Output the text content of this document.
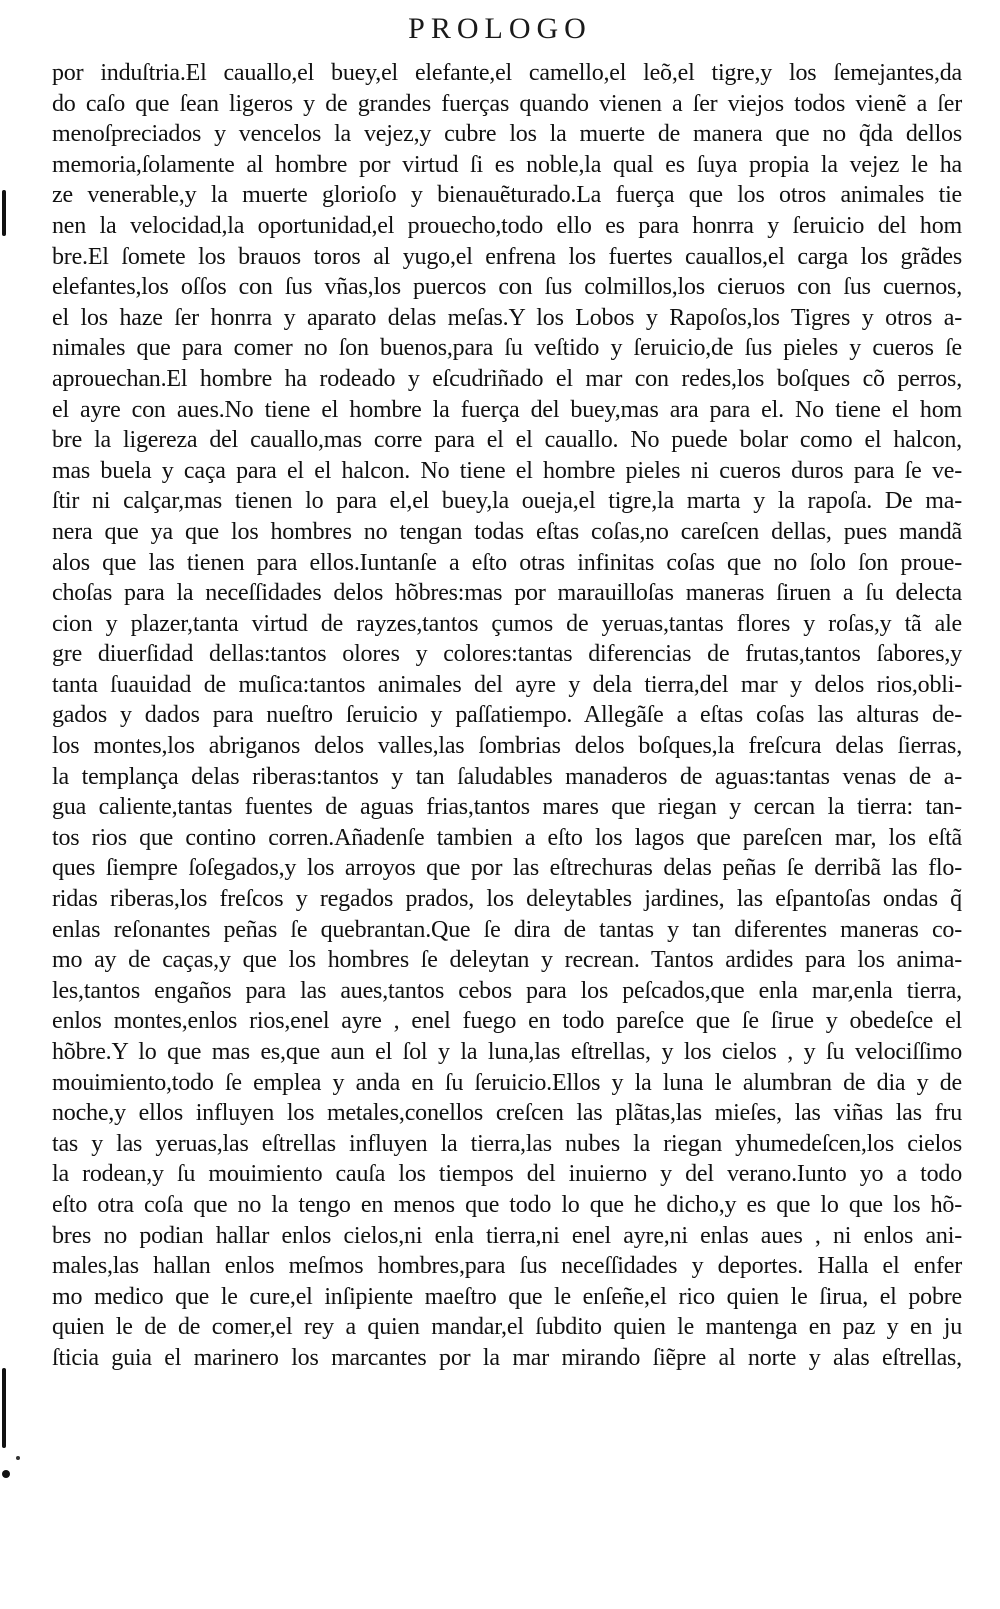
PROLOGO
por induſtria.El cauallo,el buey,el elefante,el camello,el leõ,el tigre,y los ſemejantes,da
do caſo que ſean ligeros y de grandes fuerças quando vienen a ſer viejos todos vienẽ a ſer
menoſpreciados y vencelos la vejez,y cubre los la muerte de manera que no q̃da dellos
memoria,ſolamente al hombre por virtud ſi es noble,la qual es ſuya propia la vejez le ha
ze venerable,y la muerte glorioſo y bienauẽturado.La fuerça que los otros animales tie
nen la velocidad,la oportunidad,el prouecho,todo ello es para honrra y ſeruicio del hom
bre.El ſomete los brauos toros al yugo,el enfrena los fuertes cauallos,el carga los grãdes
elefantes,los oſſos con ſus vñas,los puercos con ſus colmillos,los cieruos con ſus cuernos,
el los haze ſer honrra y aparato delas meſas.Y los Lobos y Rapoſos,los Tigres y otros a-
nimales que para comer no ſon buenos,para ſu veſtido y ſeruicio,de ſus pieles y cueros ſe
aprouechan.El hombre ha rodeado y eſcudriñado el mar con redes,los boſques cõ perros,
el ayre con aues.No tiene el hombre la fuerça del buey,mas ara para el. No tiene el hom
bre la ligereza del cauallo,mas corre para el el cauallo. No puede bolar como el halcon,
mas buela y caça para el el halcon. No tiene el hombre pieles ni cueros duros para ſe ve-
ſtir ni calçar,mas tienen lo para el,el buey,la oueja,el tigre,la marta y la rapoſa. De ma-
nera que ya que los hombres no tengan todas eſtas coſas,no careſcen dellas, pues mandã
alos que las tienen para ellos.Iuntanſe a eſto otras infinitas coſas que no ſolo ſon proue-
choſas para la neceſſidades delos hõbres:mas por marauilloſas maneras ſiruen a ſu delecta
cion y plazer,tanta virtud de rayzes,tantos çumos de yeruas,tantas flores y roſas,y tã ale
gre diuerſidad dellas:tantos olores y colores:tantas diferencias de frutas,tantos ſabores,y
tanta ſuauidad de muſica:tantos animales del ayre y dela tierra,del mar y delos rios,obli-
gados y dados para nueſtro ſeruicio y paſſatiempo. Allegãſe a eſtas coſas las alturas de-
los montes,los abriganos delos valles,las ſombrias delos boſques,la freſcura delas ſierras,
la templança delas riberas:tantos y tan ſaludables manaderos de aguas:tantas venas de a-
gua caliente,tantas fuentes de aguas frias,tantos mares que riegan y cercan la tierra: tan-
tos rios que contino corren.Añadenſe tambien a eſto los lagos que pareſcen mar, los eſtã
ques ſiempre ſoſegados,y los arroyos que por las eſtrechuras delas peñas ſe derribã las flo-
ridas riberas,los freſcos y regados prados, los deleytables jardines, las eſpantoſas ondas q̃
enlas reſonantes peñas ſe quebrantan.Que ſe dira de tantas y tan diferentes maneras co-
mo ay de caças,y que los hombres ſe deleytan y recrean. Tantos ardides para los anima-
les,tantos engaños para las aues,tantos cebos para los peſcados,que enla mar,enla tierra,
enlos montes,enlos rios,enel ayre , enel fuego en todo pareſce que ſe ſirue y obedeſce el
hõbre.Y lo que mas es,que aun el ſol y la luna,las eſtrellas, y los cielos , y ſu velociſſimo
mouimiento,todo ſe emplea y anda en ſu ſeruicio.Ellos y la luna le alumbran de dia y de
noche,y ellos influyen los metales,conellos creſcen las plãtas,las mieſes, las viñas las fru
tas y las yeruas,las eſtrellas influyen la tierra,las nubes la riegan yhumedeſcen,los cielos
la rodean,y ſu mouimiento cauſa los tiempos del inuierno y del verano.Iunto yo a todo
eſto otra coſa que no la tengo en menos que todo lo que he dicho,y es que lo que los hõ-
bres no podian hallar enlos cielos,ni enla tierra,ni enel ayre,ni enlas aues , ni enlos ani-
males,las hallan enlos meſmos hombres,para ſus neceſſidades y deportes. Halla el enfer
mo medico que le cure,el inſipiente maeſtro que le enſeñe,el rico quien le ſirua, el pobre
quien le de de comer,el rey a quien mandar,el ſubdito quien le mantenga en paz y en ju
ſticia guia el marinero los marcantes por la mar mirando ſiẽpre al norte y alas eſtrellas,
